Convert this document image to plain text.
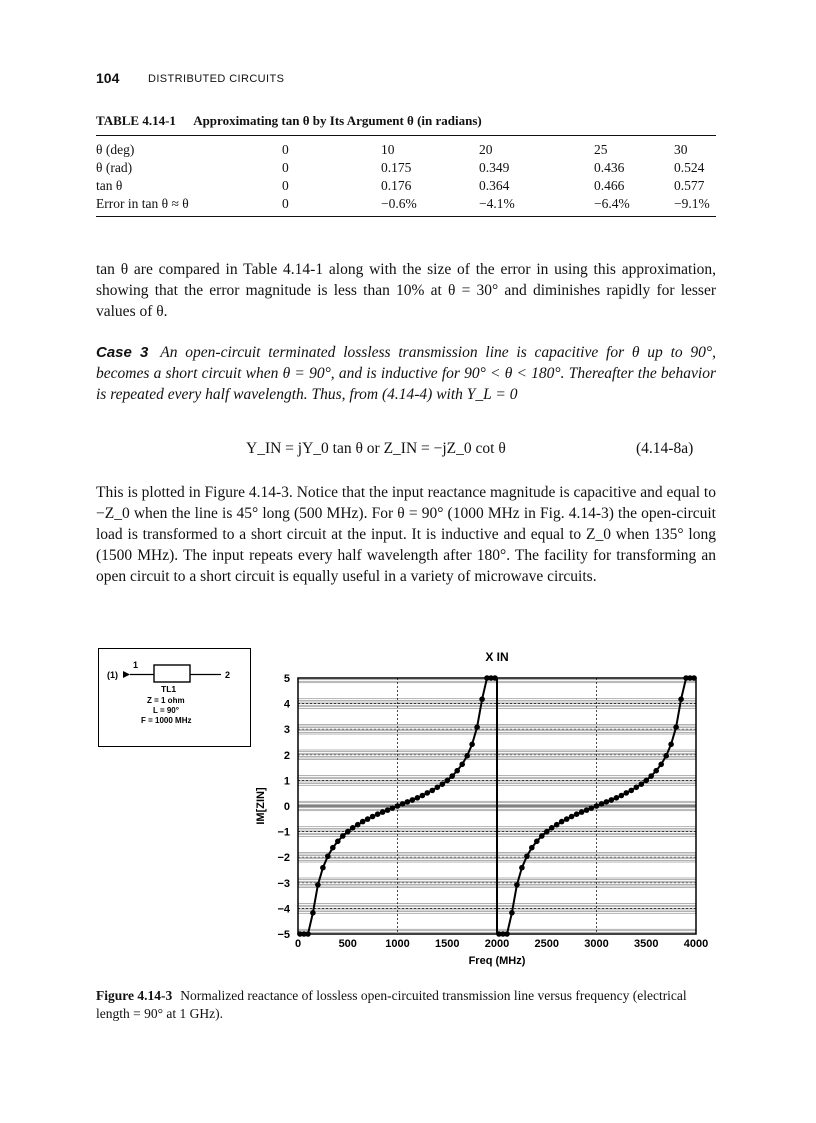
104	DISTRIBUTED CIRCUITS
TABLE 4.14-1 Approximating tan θ by Its Argument θ (in radians)
θ (deg)	0	10	20	25	30
θ (rad)	0	0.175	0.349	0.436	0.524
tan θ	0	0.176	0.364	0.466	0.577
Error in tan θ ≈ θ	0	−0.6%	−4.1%	−6.4%	−9.1%
tan θ are compared in Table 4.14-1 along with the size of the error in using this approximation, showing that the error magnitude is less than 10% at θ = 30° and diminishes rapidly for lesser values of θ.
Case 3 An open-circuit terminated lossless transmission line is capacitive for θ up to 90°, becomes a short circuit when θ = 90°, and is inductive for 90° < θ < 180°. Thereafter the behavior is repeated every half wavelength. Thus, from (4.14-4) with Y_L = 0
Y_IN = jY_0 tan θ or Z_IN = −jZ_0 cot θ	(4.14-8a)
This is plotted in Figure 4.14-3. Notice that the input reactance magnitude is capacitive and equal to −Z_0 when the line is 45° long (500 MHz). For θ = 90° (1000 MHz in Fig. 4.14-3) the open-circuit load is transformed to a short circuit at the input. It is inductive and equal to Z_0 when 135° long (1500 MHz). The input repeats every half wavelength after 180°. The facility for transforming an open circuit to a short circuit is equally useful in a variety of microwave circuits.
(1)
1
2
TL1
Z = 1 ohm
L = 90°
F = 1000 MHz
0	500	1000 1500 2000 2500 3000 3500 4000
5
4
3
2
1
0
−1
−2
−3
−4
−5
X IN
Freq (MHz)
IM[ZIN]
Figure 4.14-3 Normalized reactance of lossless open-circuited transmission line versus frequency (electrical length = 90° at 1 GHz).
